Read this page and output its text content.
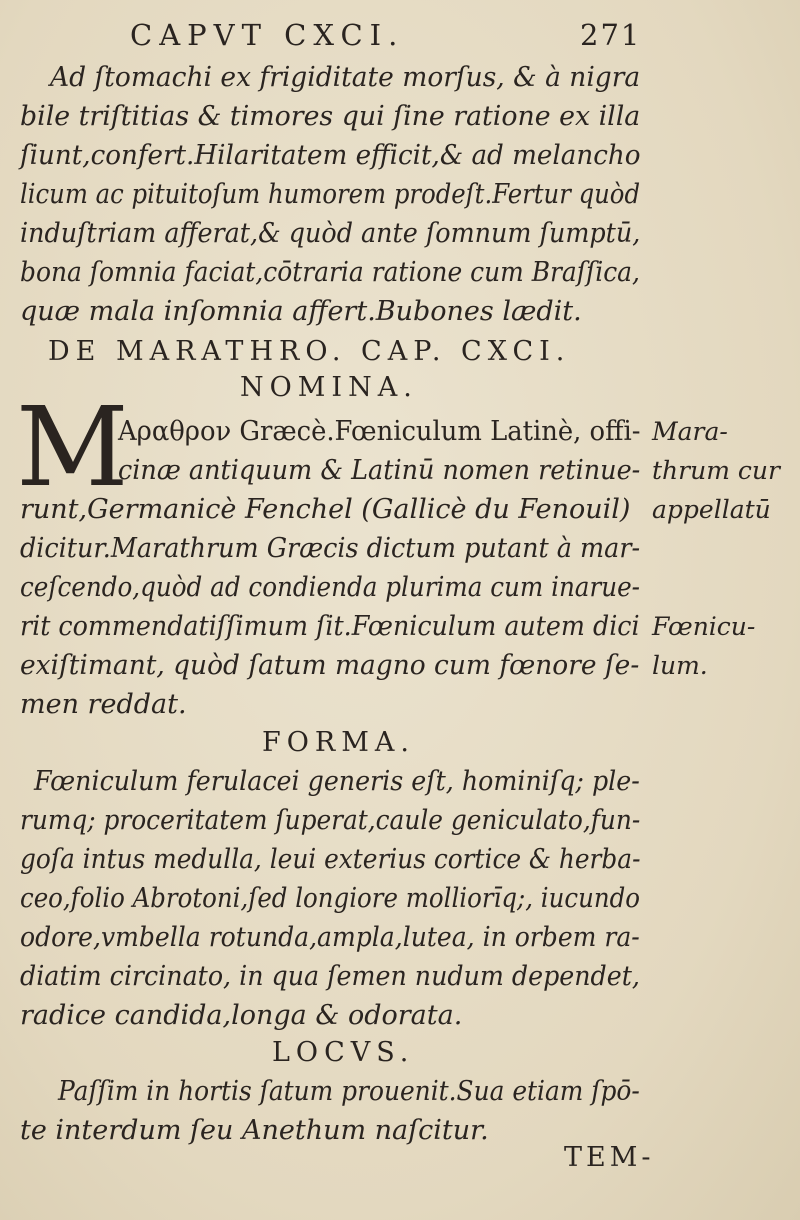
CAPVT CXCI.	271
Ad ſtomachi ex frigiditate morſus, & à nigra
bile triſtitias & timores qui ſine ratione ex illa
ſiunt,confert.Hilaritatem efficit,& ad melancho
licum ac pituitoſum humorem prodeſt.Fertur quòd
induſtriam afferat,& quòd ante ſomnum ſumptū,
bona ſomnia faciat,cōtraria ratione cum Braſſica,
quæ mala inſomnia affert.Bubones lædit.
DE MARATHRO. CAP. CXCI.
NOMINA.
M
Αραθρον Græcè.Fœniculum Latinè, offi-
cinæ antiquum & Latinū nomen retinue-
runt,Germanicè Fenchel (Gallicè du Fenouil)
dicitur.Marathrum Græcis dictum putant à mar-
ceſcendo,quòd ad condienda plurima cum inarue-
rit commendatiſſimum ſit.Fœniculum autem dici
exiſtimant, quòd ſatum magno cum fœnore ſe-
men reddat.
Mara-
thrum cur
appellatū
Fœnicu-
lum.
FORMA.
Fœniculum ferulacei generis eſt, hominiſq; ple-
rumq; proceritatem ſuperat,caule geniculato,fun-
goſa intus medulla, leui exterius cortice & herba-
ceo,folio Abrotoni,ſed longiore molliorīq;, iucundo
odore,vmbella rotunda,ampla,lutea, in orbem ra-
diatim circinato, in qua ſemen nudum dependet,
radice candida,longa & odorata.
LOCVS.
Paſſim in hortis ſatum prouenit.Sua etiam ſpō-
te interdum ſeu Anethum naſcitur.
TEM-
